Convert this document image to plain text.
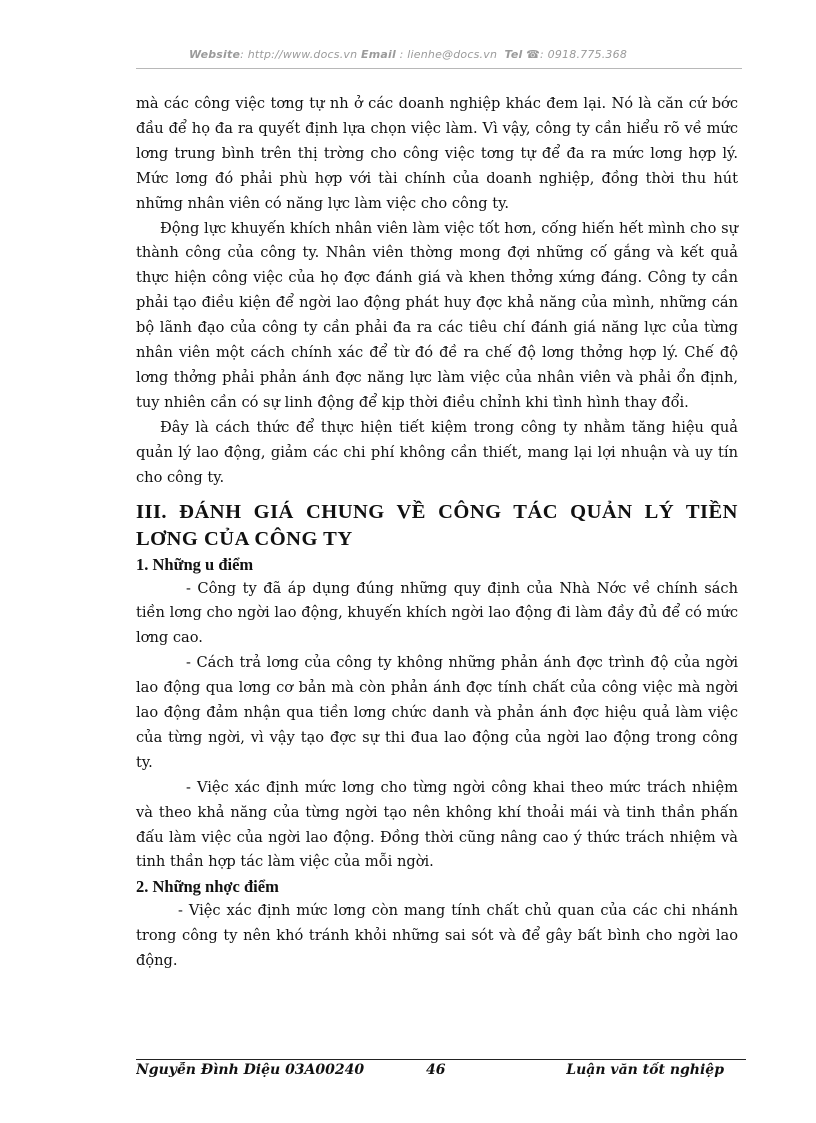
Website: http://www.docs.vn Email : lienhe@docs.vn Tel ☎: 0918.775.368

mà các công việc tơng tự nh ở các doanh nghiệp khác đem lại. Nó là căn cứ bớc đầu để họ đa ra quyết định lựa chọn việc làm. Vì vậy, công ty cần hiểu rõ về mức lơng trung bình trên thị trờng cho công việc tơng tự để đa ra mức lơng hợp lý. Mức lơng đó phải phù hợp với tài chính của doanh nghiệp, đồng thời thu hút những nhân viên có năng lực làm việc cho công ty.

Động lực khuyến khích nhân viên làm việc tốt hơn, cống hiến hết mình cho sự thành công của công ty. Nhân viên thờng mong đợi những cố gắng và kết quả thực hiện công việc của họ đợc đánh giá và khen thởng xứng đáng. Công ty cần phải tạo điều kiện để ngời lao động phát huy đợc khả năng của mình, những cán bộ lãnh đạo của công ty cần phải đa ra các tiêu chí đánh giá năng lực của từng nhân viên một cách chính xác để từ đó đề ra chế độ lơng thởng hợp lý. Chế độ lơng thởng phải phản ánh đợc năng lực làm việc của nhân viên và phải ổn định, tuy nhiên cần có sự linh động để kịp thời điều chỉnh khi tình hình thay đổi.

Đây là cách thức để thực hiện tiết kiệm trong công ty nhằm tăng hiệu quả quản lý lao động, giảm các chi phí không cần thiết, mang lại lợi nhuận và uy tín cho công ty.

III. ĐÁNH GIÁ CHUNG VỀ CÔNG TÁC QUẢN LÝ TIỀN LƠNG CỦA CÔNG TY
1. Những u điểm

- Công ty đã áp dụng đúng những quy định của Nhà Nớc về chính sách tiền lơng cho ngời lao động, khuyến khích ngời lao động đi làm đầy đủ để có mức lơng cao.

- Cách trả lơng của công ty không những phản ánh đợc trình độ của ngời lao động qua lơng cơ bản mà còn phản ánh đợc tính chất của công việc mà ngời lao động đảm nhận qua tiền lơng chức danh và phản ánh đợc hiệu quả làm việc của từng ngời, vì vậy tạo đợc sự thi đua lao động của ngời lao động trong công ty.

- Việc xác định mức lơng cho từng ngời công khai theo mức trách nhiệm và theo khả năng của từng ngời tạo nên không khí thoải mái và tinh thần phấn đấu làm việc của ngời lao động. Đồng thời cũng nâng cao ý thức trách nhiệm và tinh thần hợp tác làm việc của mỗi ngời.

2. Những nhợc điểm

- Việc xác định mức lơng còn mang tính chất chủ quan của các chi nhánh trong công ty nên khó tránh khỏi những sai sót và để gây bất bình cho ngời lao động.

Nguyễn Đình Diệu 03A00240	46	Luận văn tốt nghiệp
